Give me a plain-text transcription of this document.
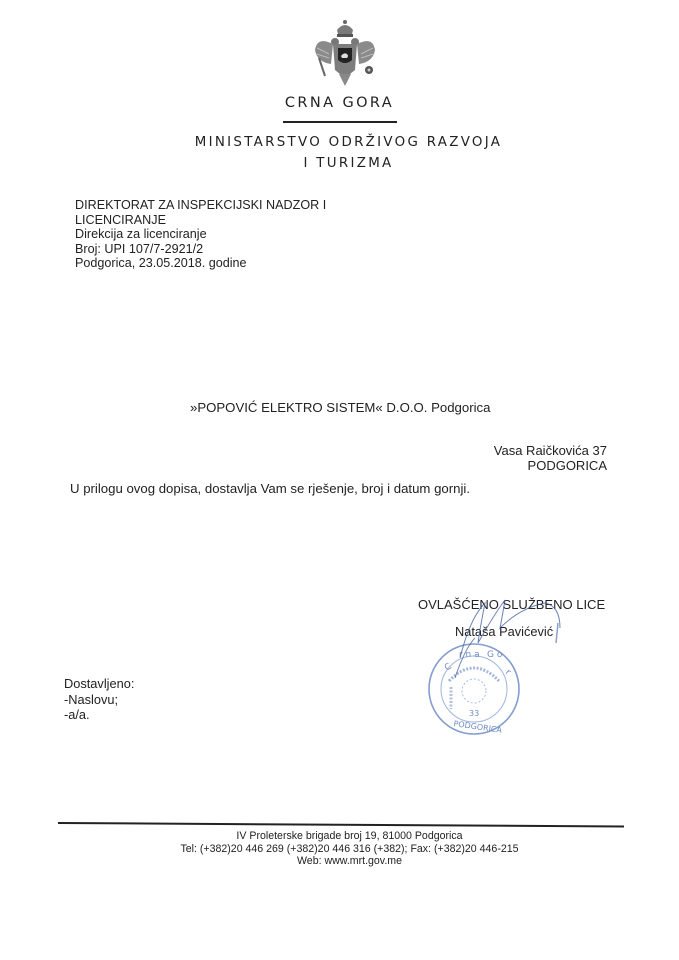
CRNA GORA
MINISTARSTVO ODRŽIVOG RAZVOJA
I TURIZMA
DIREKTORAT ZA INSPEKCIJSKI NADZOR I
LICENCIRANJE
Direkcija za licenciranje
Broj: UPI 107/7-2921/2
Podgorica, 23.05.2018. godine
»POPOVIĆ ELEKTRO SISTEM« D.O.O. Podgorica
Vasa Raičkovića 37
PODGORICA
U prilogu ovog dopisa, dostavlja Vam se rješenje, broj i datum gornji.
OVLAŠĆENO SLUŽBENO LICE
Nataša Pavićević
C
r n a G o
r
33
PODGORICA
Dostavljeno:
-Naslovu;
-a/a.
IV Proleterske brigade broj 19, 81000 Podgorica
Tel: (+382)20 446 269 (+382)20 446 316 (+382); Fax: (+382)20 446-215
Web: www.mrt.gov.me
